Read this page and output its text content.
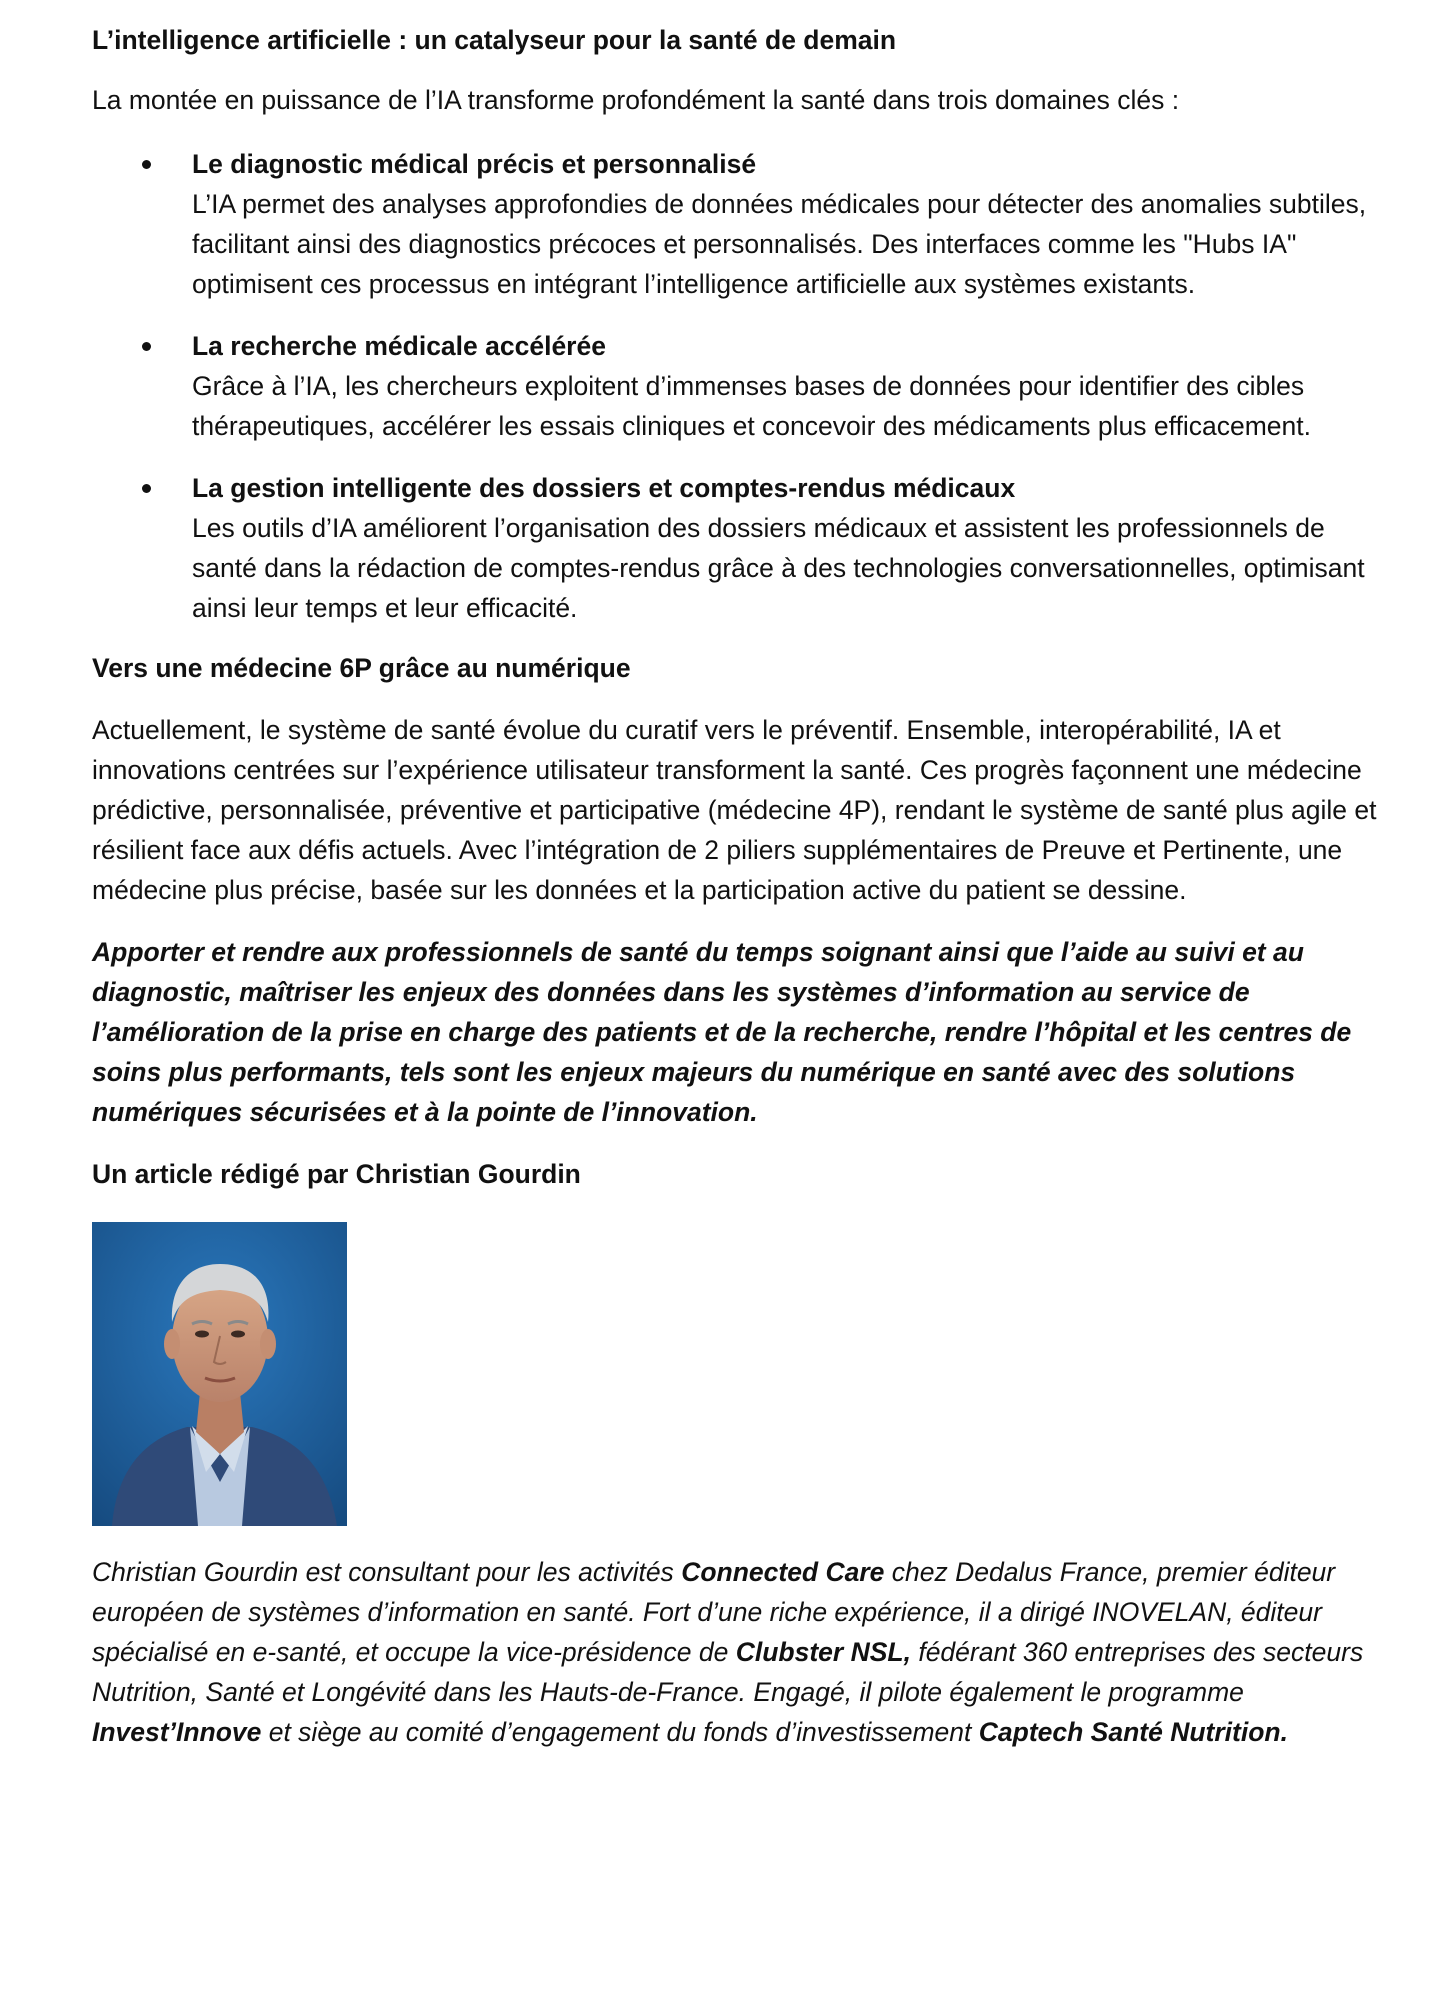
L’intelligence artificielle : un catalyseur pour la santé de demain

La montée en puissance de l’IA transforme profondément la santé dans trois domaines clés :

Le diagnostic médical précis et personnalisé
L’IA permet des analyses approfondies de données médicales pour détecter des anomalies subtiles, facilitant ainsi des diagnostics précoces et personnalisés. Des interfaces comme les "Hubs IA" optimisent ces processus en intégrant l’intelligence artificielle aux systèmes existants.
La recherche médicale accélérée
Grâce à l’IA, les chercheurs exploitent d’immenses bases de données pour identifier des cibles thérapeutiques, accélérer les essais cliniques et concevoir des médicaments plus efficacement.
La gestion intelligente des dossiers et comptes-rendus médicaux
Les outils d’IA améliorent l’organisation des dossiers médicaux et assistent les professionnels de santé dans la rédaction de comptes-rendus grâce à des technologies conversationnelles, optimisant ainsi leur temps et leur efficacité.
Vers une médecine 6P grâce au numérique

Actuellement, le système de santé évolue du curatif vers le préventif. Ensemble, interopérabilité, IA et innovations centrées sur l’expérience utilisateur transforment la santé. Ces progrès façonnent une médecine prédictive, personnalisée, préventive et participative (médecine 4P), rendant le système de santé plus agile et résilient face aux défis actuels. Avec l’intégration de 2 piliers supplémentaires de Preuve et Pertinente, une médecine plus précise, basée sur les données et la participation active du patient se dessine.

Apporter et rendre aux professionnels de santé du temps soignant ainsi que l’aide au suivi et au diagnostic, maîtriser les enjeux des données dans les systèmes d’information au service de l’amélioration de la prise en charge des patients et de la recherche, rendre l’hôpital et les centres de soins plus performants, tels sont les enjeux majeurs du numérique en santé avec des solutions numériques sécurisées et à la pointe de l’innovation.

Un article rédigé par Christian Gourdin

Christian Gourdin est consultant pour les activités Connected Care chez Dedalus France, premier éditeur européen de systèmes d’information en santé. Fort d’une riche expérience, il a dirigé INOVELAN, éditeur spécialisé en e-santé, et occupe la vice-présidence de Clubster NSL, fédérant 360 entreprises des secteurs Nutrition, Santé et Longévité dans les Hauts-de-France. Engagé, il pilote également le programme Invest’Innove et siège au comité d’engagement du fonds d’investissement Captech Santé Nutrition.
